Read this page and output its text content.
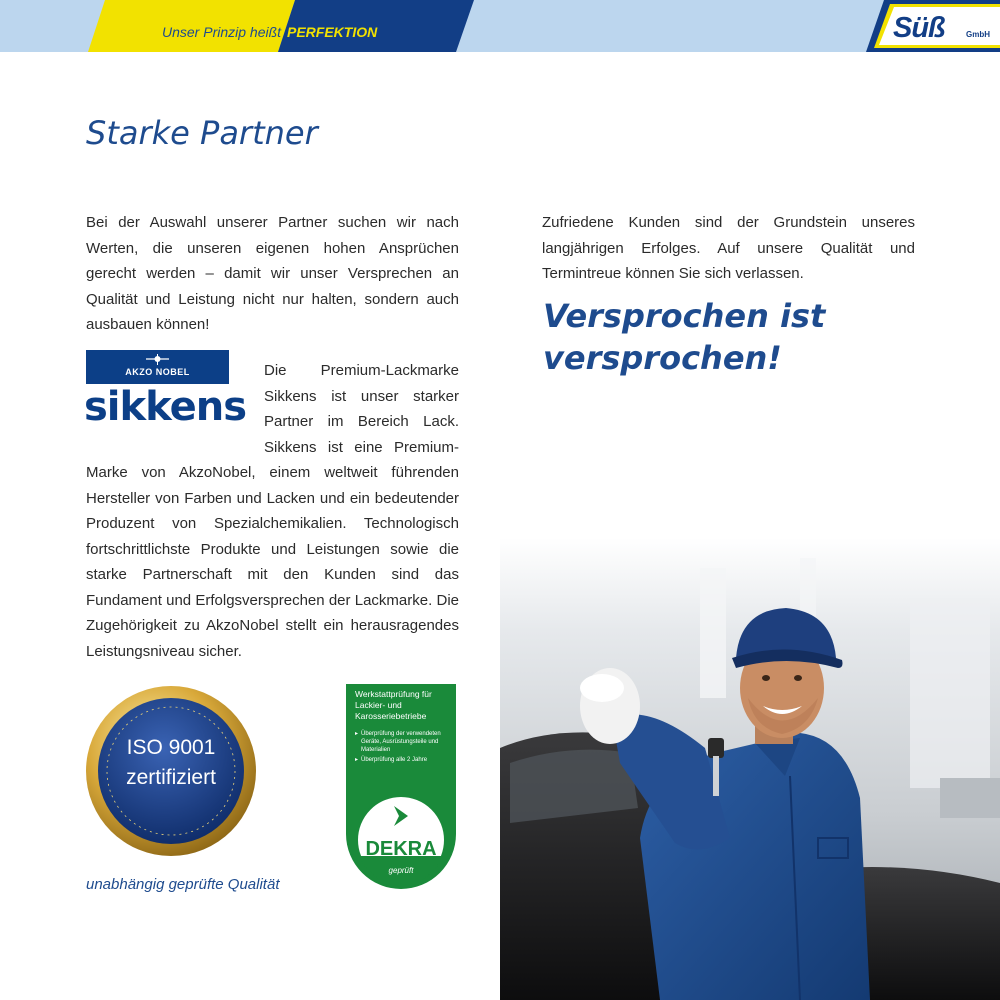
Unser Prinzip heißt PERFEKTION	Süß	GmbH
Starke Partner

Bei der Auswahl unserer Partner suchen wir nach Werten, die unseren eigenen hohen Ansprüchen gerecht werden – damit wir unser Versprechen an Qualität und Leistung nicht nur halten, sondern auch ausbauen können!

AKZO NOBEL
sikkens

Die Premium-Lackmarke Sikkens ist unser starker Partner im Bereich Lack. Sikkens ist eine Premium-Marke von AkzoNobel, einem weltweit führenden Hersteller von Farben und Lacken und ein bedeutender Produzent von Spezialchemikalien. Technologisch fortschrittlichste Produkte und Leistungen sowie die starke Partnerschaft mit den Kunden sind das Fundament und Erfolgsversprechen der Lackmarke. Die Zugehörigkeit zu AkzoNobel stellt ein herausragendes Leistungsniveau sicher.

ISO 9001
zertifiziert
unabhängig geprüfte Qualität
Werkstattprüfung für Lackier- und Karosseriebetriebe
▸ Überprüfung der verwendeten Geräte, Ausrüstungsteile und Materialien
▸ Überprüfung alle 2 Jahre
DEKRA
geprüft

Zufriedene Kunden sind der Grundstein unseres langjährigen Erfolges. Auf unsere Qualität und Termintreue können Sie sich verlassen.

Versprochen ist versprochen!
